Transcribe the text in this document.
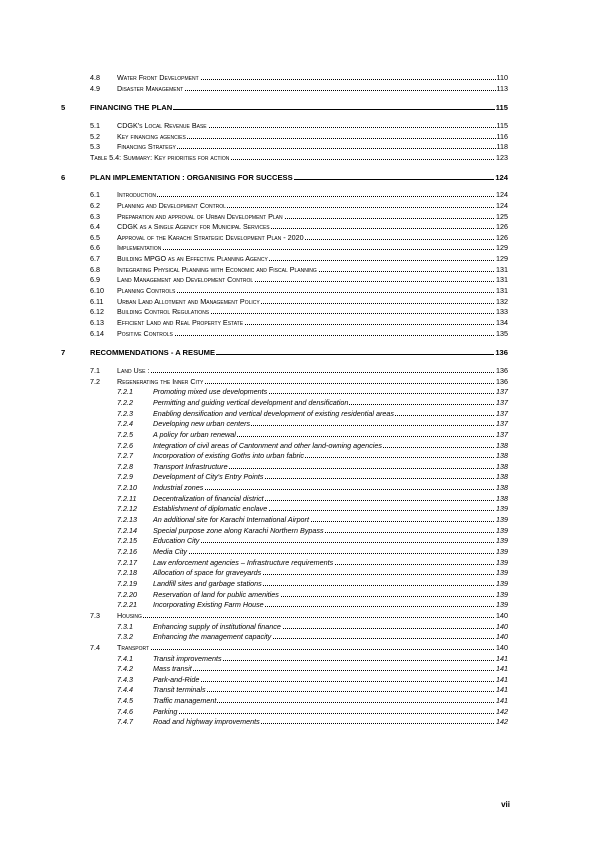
4.8 Water Front Development	110
4.9 Disaster Management	113
5	FINANCING THE PLAN	115
5.1 CDGK's Local Revenue Base	115
5.2 Key financing agencies	116
5.3 Financing Strategy	118
Table 5.4: Summary: Key priorities for action	123
6	PLAN IMPLEMENTATION : ORGANISING FOR SUCCESS	124
6.1 Introduction	124
6.2 Planning and Development Control	124
6.3 Preparation and approval of Urban Development Plan	125
6.4 CDGK as a Single Agency for Municipal Services	126
6.5 Approval of the Karachi Strategic Development Plan - 2020	126
6.6 Implementation	129
6.7 Building MPGO as an Effective Planning Agency	129
6.8 Integrating Physical Planning with Economic and Fiscal Planning	131
6.9 Land Management and Development Control	131
6.10 Planning Controls	131
6.11 Urban Land Allotment and Management Policy	132
6.12 Building Control Regulations	133
6.13 Efficient Land and Real Property Estate	134
6.14 Positive Controls	135
7	RECOMMENDATIONS - A RESUME	136
7.1 Land Use :	136
7.2 Regenerating the Inner City	136
7.2.1	Promoting mixed use developments	137
7.2.2	Permitting and guiding vertical development and densification	137
7.2.3	Enabling densification and vertical development of existing residential areas	137
7.2.4	Developing new urban centers	137
7.2.5	A policy for urban renewal	137
7.2.6	Integration of civil areas of Cantonment and other land-owning agencies	138
7.2.7	Incorporation of existing Goths into urban fabric	138
7.2.8	Transport Infrastructure	138
7.2.9	Development of City's Entry Points	138
7.2.10 Industrial zones	138
7.2.11 Decentralization of financial district	138
7.2.12 Establishment of diplomatic enclave	139
7.2.13 An additional site for Karachi International Airport	139
7.2.14 Special purpose zone along Karachi Northern Bypass	139
7.2.15 Education City	139
7.2.16 Media City	139
7.2.17 Law enforcement agencies – Infrastructure requirements	139
7.2.18 Allocation of space for graveyards	139
7.2.19 Landfill sites and garbage stations	139
7.2.20 Reservation of land for public amenities	139
7.2.21 Incorporating Existing Farm House	139
7.3 Housing	140
7.3.1	Enhancing supply of institutional finance	140
7.3.2	Enhancing the management capacity	140
7.4 Transport	140
7.4.1	Transit improvements	141
7.4.2	Mass transit	141
7.4.3	Park-and-Ride	141
7.4.4	Transit terminals	141
7.4.5	Traffic management	141
7.4.6	Parking	142
7.4.7	Road and highway improvements	142
vii
